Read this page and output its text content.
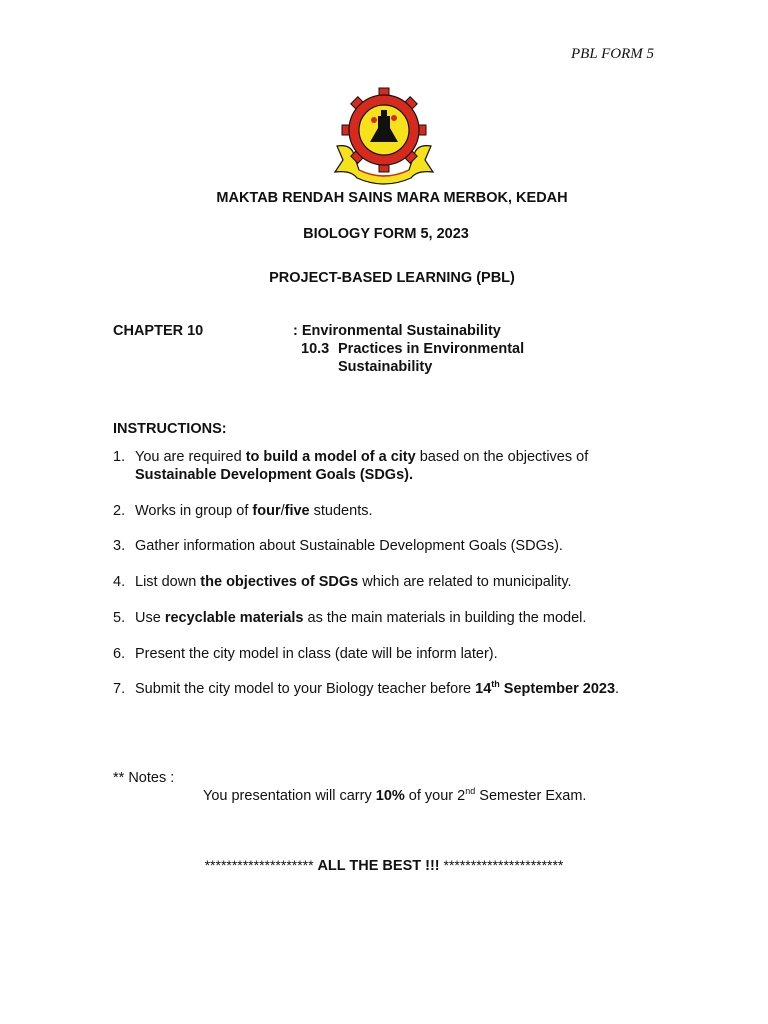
PBL FORM 5
MAKTAB RENDAH SAINS MARA MERBOK, KEDAH
BIOLOGY FORM 5, 2023
PROJECT-BASED LEARNING (PBL)
CHAPTER 10	: Environmental Sustainability
10.3 Practices in Environmental
Sustainability
INSTRUCTIONS:
1. You are required to build a model of a city based on the objectives of
Sustainable Development Goals (SDGs).
2. Works in group of four/five students.
3. Gather information about Sustainable Development Goals (SDGs).
4. List down the objectives of SDGs which are related to municipality.
5. Use recyclable materials as the main materials in building the model.
6. Present the city model in class (date will be inform later).
7. Submit the city model to your Biology teacher before 14th September 2023.
** Notes :
You presentation will carry 10% of your 2nd Semester Exam.
******************** ALL THE BEST !!! **********************
